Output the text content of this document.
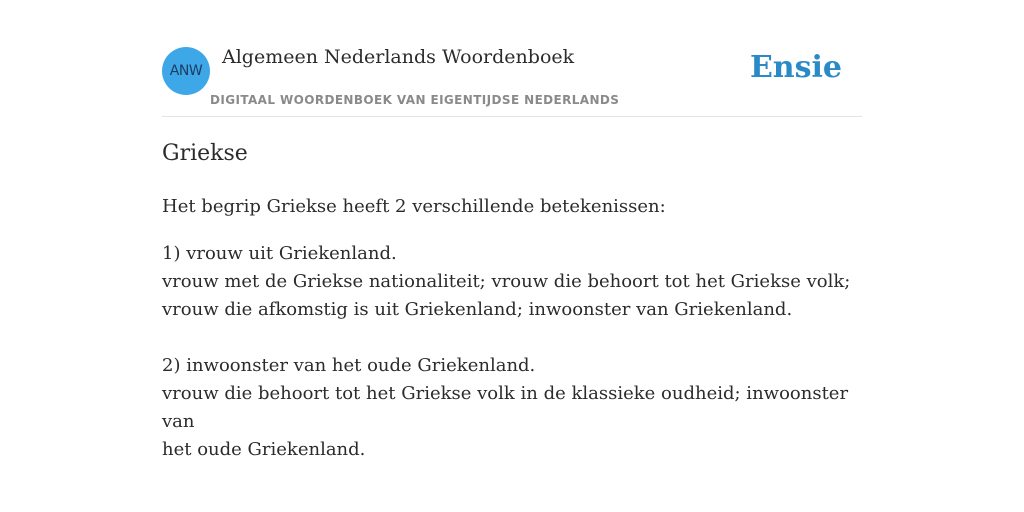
ANW
Algemeen Nederlands Woordenboek
DIGITAAL WOORDENBOEK VAN EIGENTIJDSE NEDERLANDS
Ensie
Griekse
Het begrip Griekse heeft 2 verschillende betekenissen:
1) vrouw uit Griekenland.
vrouw met de Griekse nationaliteit; vrouw die behoort tot het Griekse volk;
vrouw die afkomstig is uit Griekenland; inwoonster van Griekenland.
2) inwoonster van het oude Griekenland.
vrouw die behoort tot het Griekse volk in de klassieke oudheid; inwoonster van
het oude Griekenland.
